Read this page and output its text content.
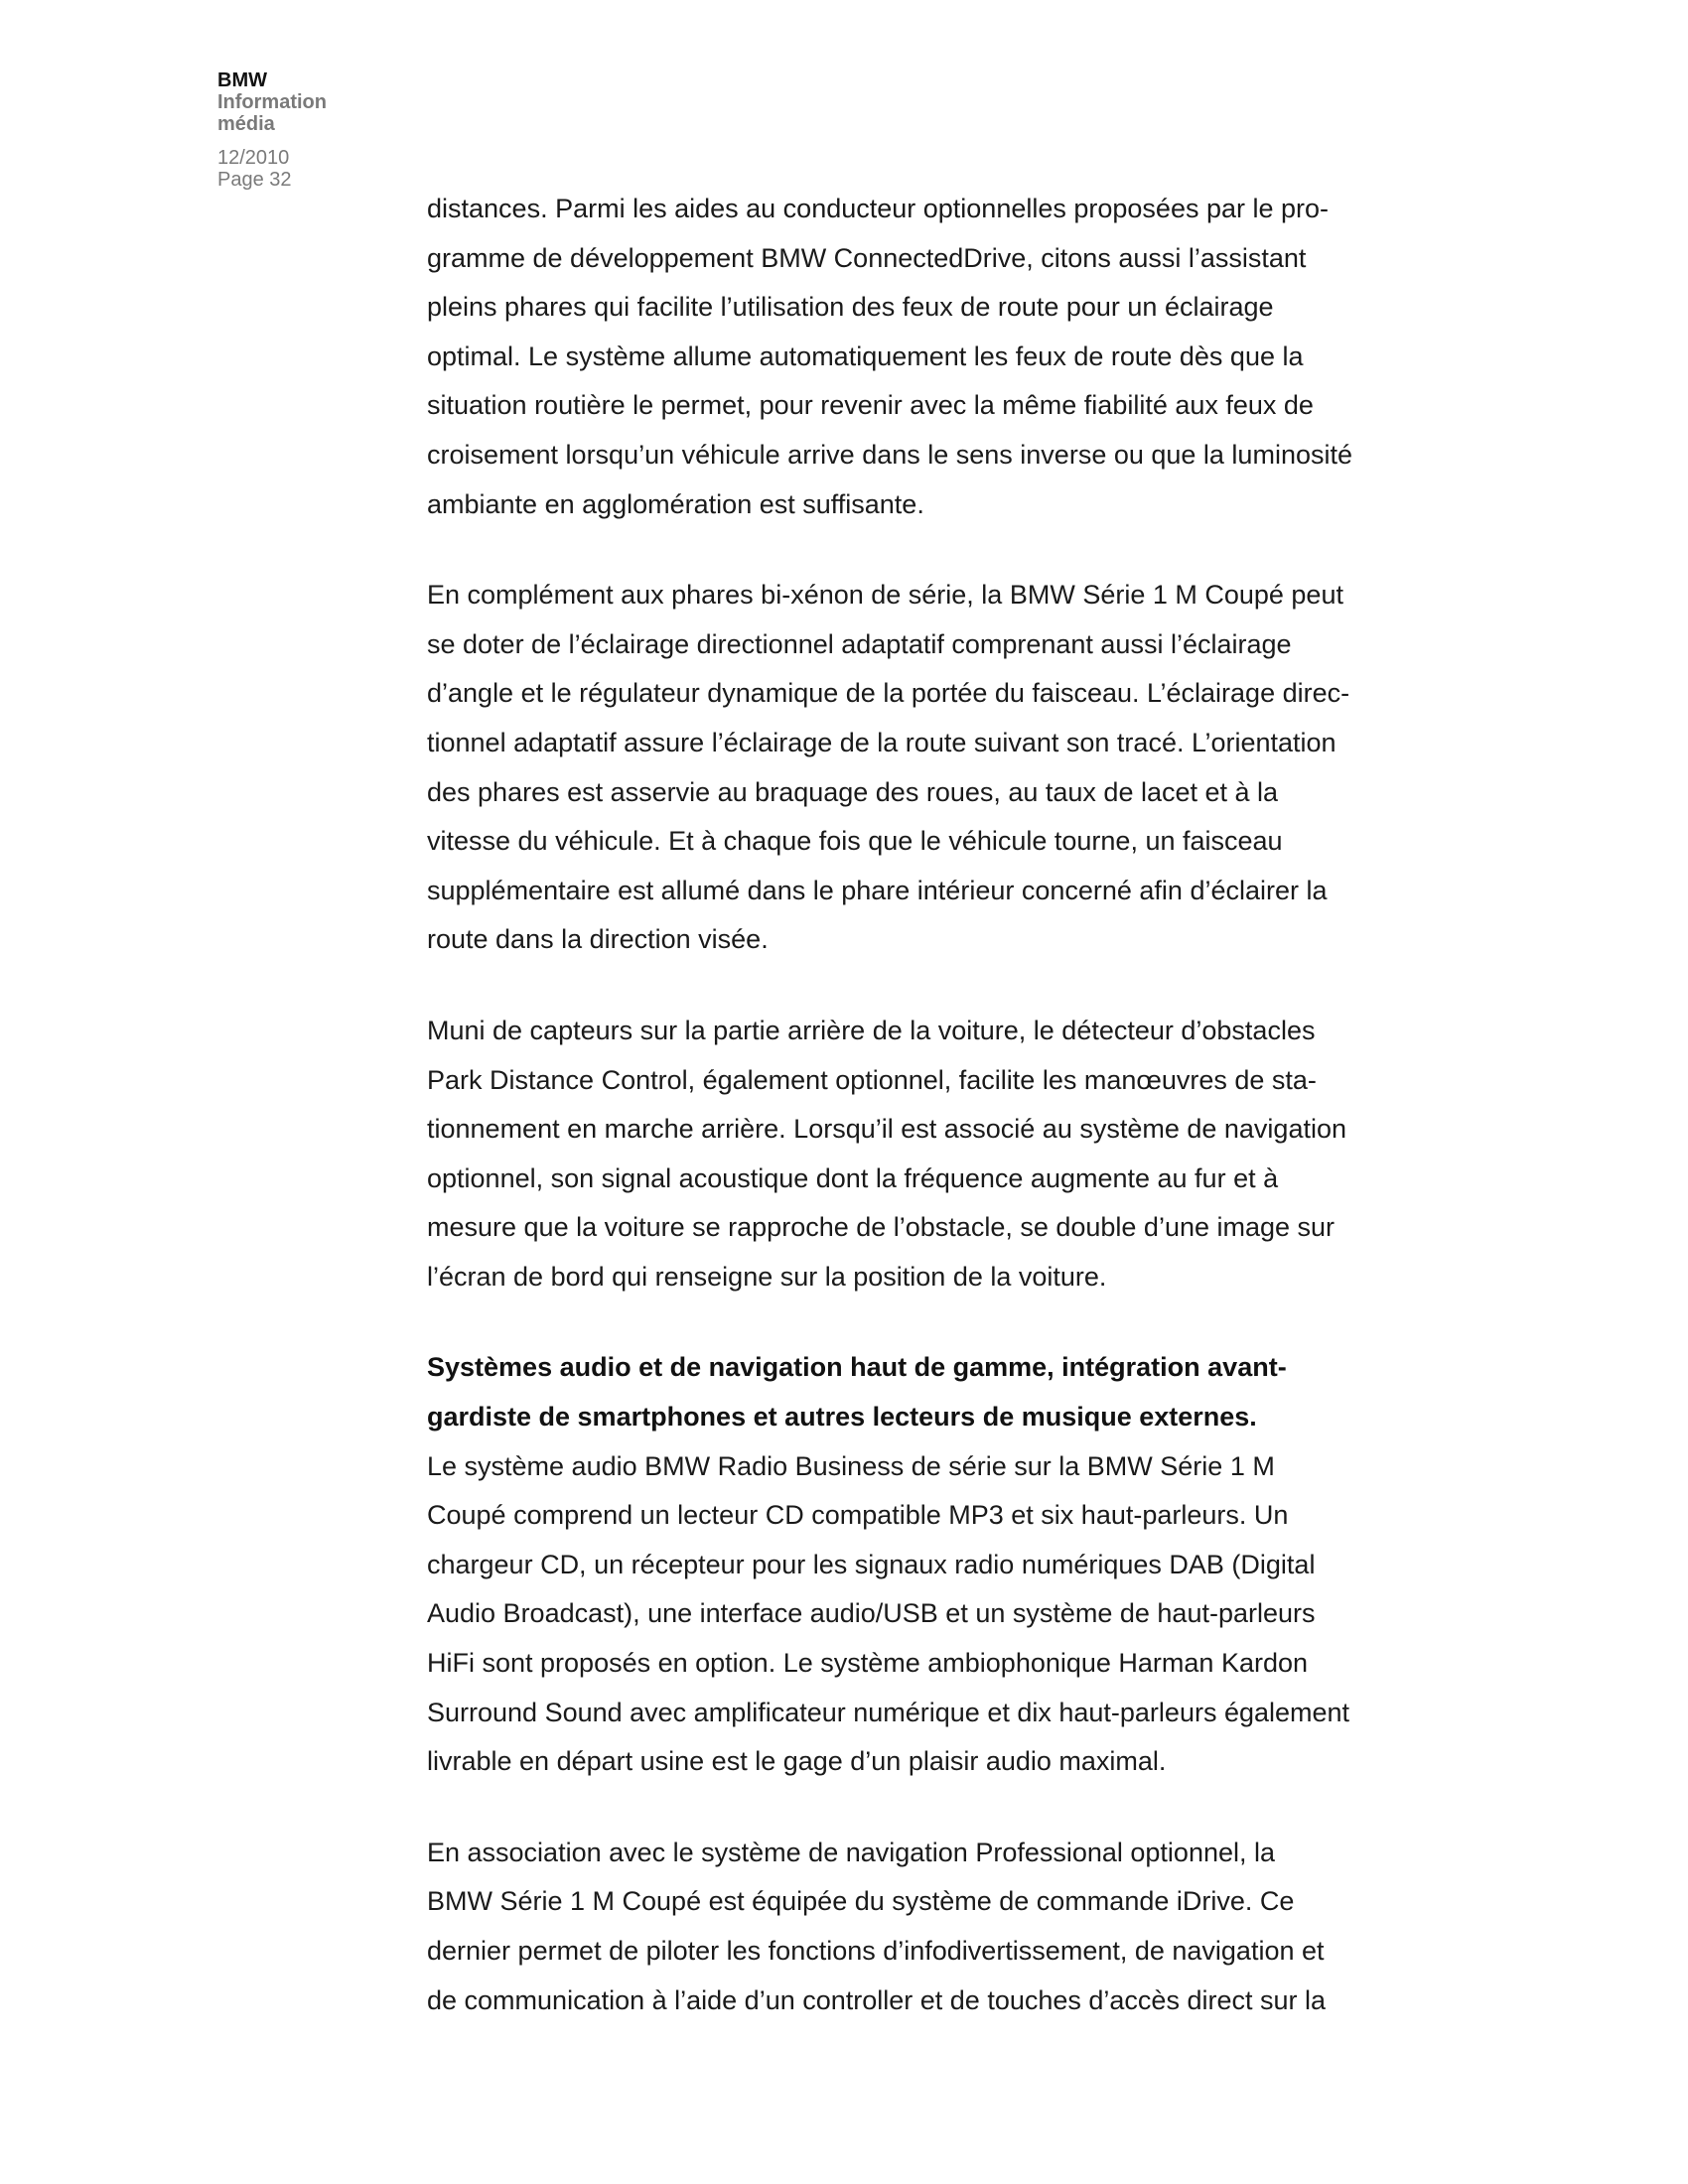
BMW
Information
média
12/2010
Page 32

distances. Parmi les aides au conducteur optionnelles proposées par le pro-
gramme de développement BMW ConnectedDrive, citons aussi l’assistant
pleins phares qui facilite l’utilisation des feux de route pour un éclairage
optimal. Le système allume automatiquement les feux de route dès que la
situation routière le permet, pour revenir avec la même fiabilité aux feux de
croisement lorsqu’un véhicule arrive dans le sens inverse ou que la luminosité
ambiante en agglomération est suffisante.

En complément aux phares bi-xénon de série, la BMW Série 1 M Coupé peut
se doter de l’éclairage directionnel adaptatif comprenant aussi l’éclairage
d’angle et le régulateur dynamique de la portée du faisceau. L’éclairage direc-
tionnel adaptatif assure l’éclairage de la route suivant son tracé. L’orientation
des phares est asservie au braquage des roues, au taux de lacet et à la
vitesse du véhicule. Et à chaque fois que le véhicule tourne, un faisceau
supplémentaire est allumé dans le phare intérieur concerné afin d’éclairer la
route dans la direction visée.

Muni de capteurs sur la partie arrière de la voiture, le détecteur d’obstacles
Park Distance Control, également optionnel, facilite les manœuvres de sta-
tionnement en marche arrière. Lorsqu’il est associé au système de navigation
optionnel, son signal acoustique dont la fréquence augmente au fur et à
mesure que la voiture se rapproche de l’obstacle, se double d’une image sur
l’écran de bord qui renseigne sur la position de la voiture.

Systèmes audio et de navigation haut de gamme, intégration avant-
gardiste de smartphones et autres lecteurs de musique externes.

Le système audio BMW Radio Business de série sur la BMW Série 1 M
Coupé comprend un lecteur CD compatible MP3 et six haut-parleurs. Un
chargeur CD, un récepteur pour les signaux radio numériques DAB (Digital
Audio Broadcast), une interface audio/USB et un système de haut-parleurs
HiFi sont proposés en option. Le système ambiophonique Harman Kardon
Surround Sound avec amplificateur numérique et dix haut-parleurs également
livrable en départ usine est le gage d’un plaisir audio maximal.

En association avec le système de navigation Professional optionnel, la
BMW Série 1 M Coupé est équipée du système de commande iDrive. Ce
dernier permet de piloter les fonctions d’infodivertissement, de navigation et
de communication à l’aide d’un controller et de touches d’accès direct sur la
